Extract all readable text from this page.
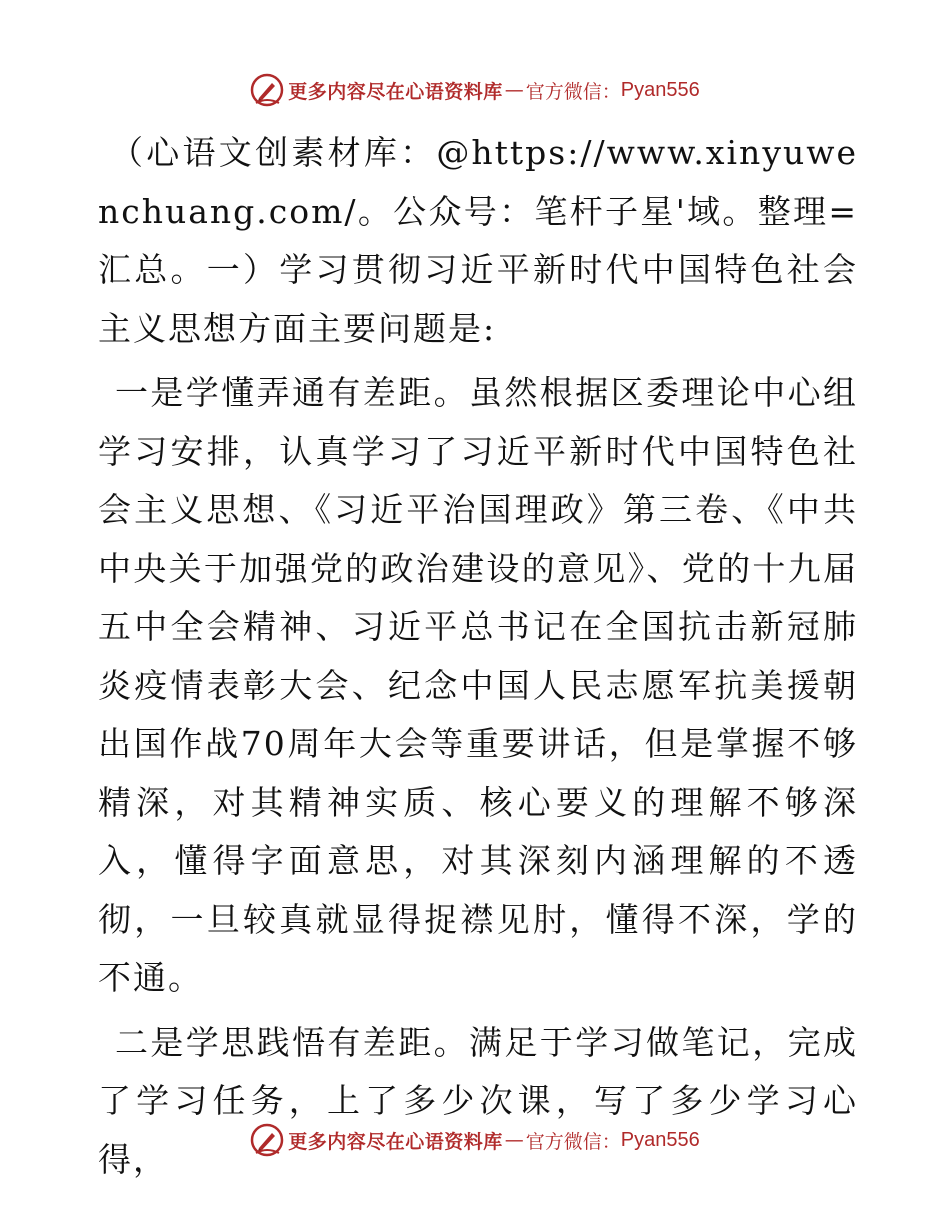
更多内容尽在心语资料库 — 官方微信： Pyan556

（心语文创素材库：@https://www.xinyuwenchuang.com/。公众号：笔杆子星'域。整理=汇总。一）学习贯彻习近平新时代中国特色社会主义思想方面主要问题是:

一是学懂弄通有差距。虽然根据区委理论中心组学习安排，认真学习了习近平新时代中国特色社会主义思想、《习近平治国理政》第三卷、《中共中央关于加强党的政治建设的意见》、党的十九届五中全会精神、习近平总书记在全国抗击新冠肺炎疫情表彰大会、纪念中国人民志愿军抗美援朝出国作战70周年大会等重要讲话，但是掌握不够精深，对其精神实质、核心要义的理解不够深入，懂得字面意思，对其深刻内涵理解的不透彻，一旦较真就显得捉襟见肘，懂得不深，学的不通。

二是学思践悟有差距。满足于学习做笔记，完成了学习任务，上了多少次课，写了多少学习心得，	更多内容尽在心语资料库 — 官方微信： Pyan556
